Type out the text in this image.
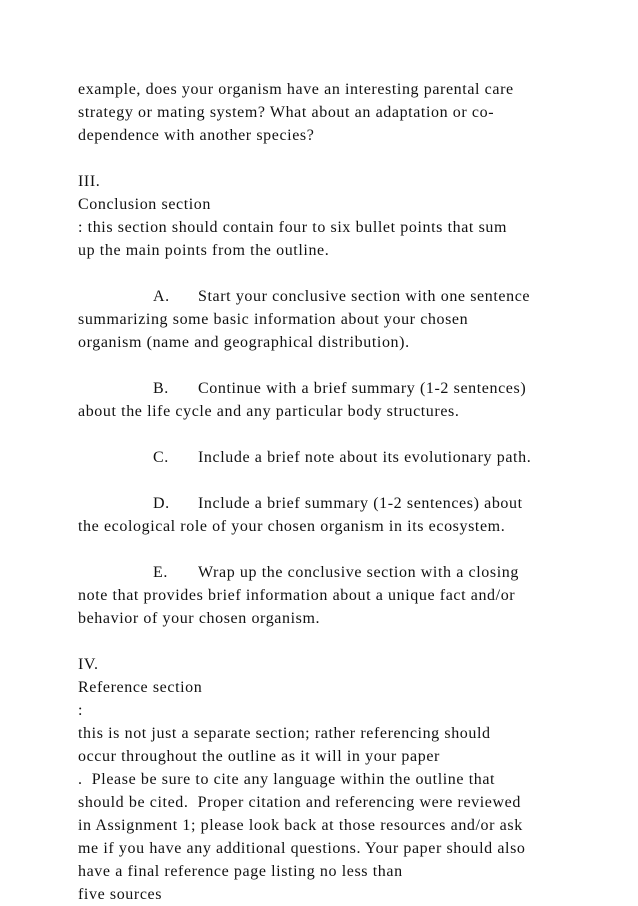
example, does your organism have an interesting parental care
strategy or mating system? What about an adaptation or co-
dependence with another species?
III.
Conclusion section
: this section should contain four to six bullet points that sum
up the main points from the outline.
A. Start your conclusive section with one sentence
summarizing some basic information about your chosen
organism (name and geographical distribution).
B. Continue with a brief summary (1-2 sentences)
about the life cycle and any particular body structures.
C. Include a brief note about its evolutionary path.
D. Include a brief summary (1-2 sentences) about
the ecological role of your chosen organism in its ecosystem.
E. Wrap up the conclusive section with a closing
note that provides brief information about a unique fact and/or
behavior of your chosen organism.
IV.
Reference section
:
this is not just a separate section; rather referencing should
occur throughout the outline as it will in your paper
.  Please be sure to cite any language within the outline that
should be cited.  Proper citation and referencing were reviewed
in Assignment 1; please look back at those resources and/or ask
me if you have any additional questions. Your paper should also
have a final reference page listing no less than
five sources
